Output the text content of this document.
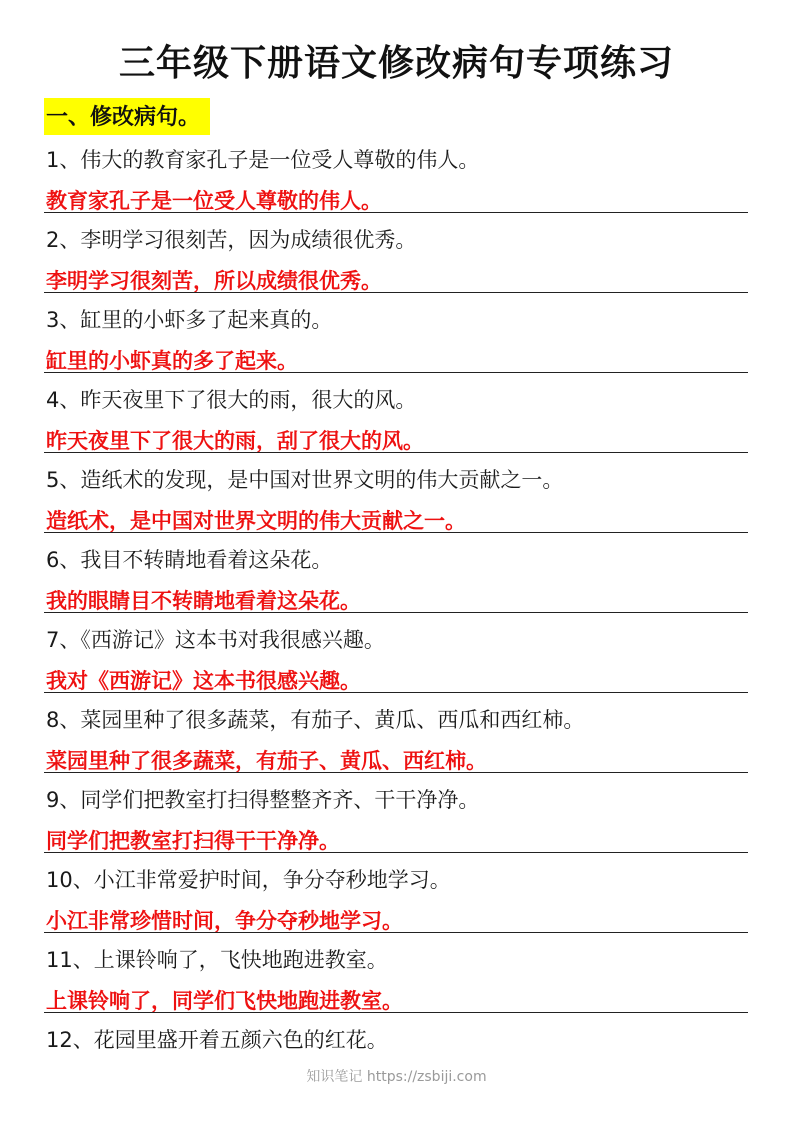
三年级下册语文修改病句专项练习
一、修改病句。
1、伟大的教育家孔子是一位受人尊敬的伟人。
教育家孔子是一位受人尊敬的伟人。
2、李明学习很刻苦，因为成绩很优秀。
李明学习很刻苦，所以成绩很优秀。
3、缸里的小虾多了起来真的。
缸里的小虾真的多了起来。
4、昨天夜里下了很大的雨，很大的风。
昨天夜里下了很大的雨，刮了很大的风。
5、造纸术的发现，是中国对世界文明的伟大贡献之一。
造纸术，是中国对世界文明的伟大贡献之一。
6、我目不转睛地看着这朵花。
我的眼睛目不转睛地看着这朵花。
7、《西游记》这本书对我很感兴趣。
我对《西游记》这本书很感兴趣。
8、菜园里种了很多蔬菜，有茄子、黄瓜、西瓜和西红柿。
菜园里种了很多蔬菜，有茄子、黄瓜、西红柿。
9、同学们把教室打扫得整整齐齐、干干净净。
同学们把教室打扫得干干净净。
10、小江非常爱护时间，争分夺秒地学习。
小江非常珍惜时间，争分夺秒地学习。
11、上课铃响了，飞快地跑进教室。
上课铃响了，同学们飞快地跑进教室。
12、花园里盛开着五颜六色的红花。
知识笔记 https://zsbiji.com
